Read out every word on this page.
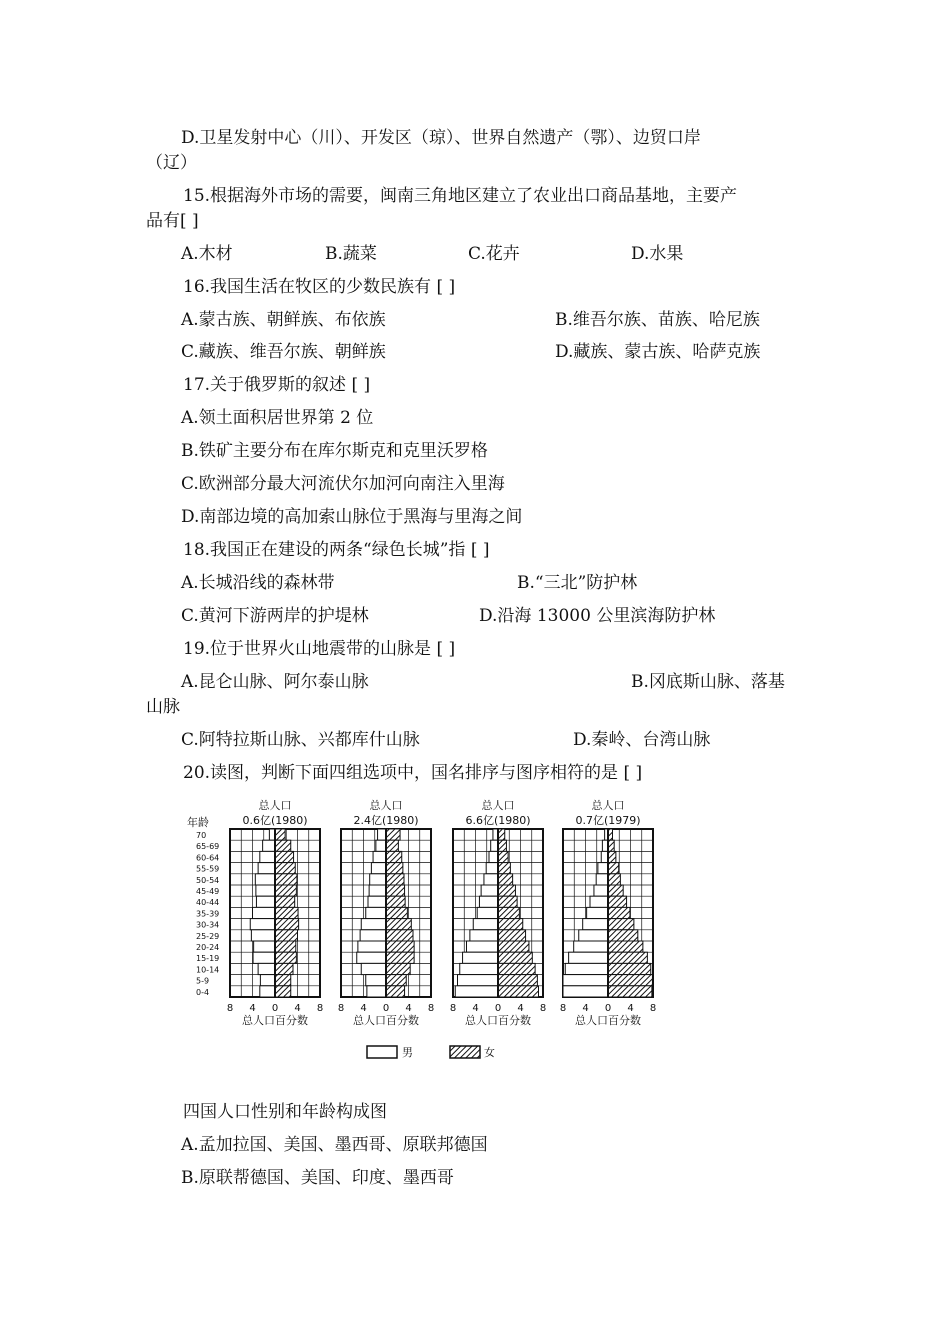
D.卫星发射中心（川）、开发区（琼）、世界自然遗产（鄂）、边贸口岸
（辽）
15.根据海外市场的需要，闽南三角地区建立了农业出口商品基地，主要产
品有[ ]
A.木材	B.蔬菜	C.花卉	D.水果
16.我国生活在牧区的少数民族有 [ ]
A.蒙古族、朝鲜族、布依族	B.维吾尔族、苗族、哈尼族
C.藏族、维吾尔族、朝鲜族	D.藏族、蒙古族、哈萨克族
17.关于俄罗斯的叙述 [ ]
A.领土面积居世界第 2 位
B.铁矿主要分布在库尔斯克和克里沃罗格
C.欧洲部分最大河流伏尔加河向南注入里海
D.南部边境的高加索山脉位于黑海与里海之间
18.我国正在建设的两条“绿色长城”指 [ ]
A.长城沿线的森林带	B.“三北”防护林
C.黄河下游两岸的护堤林	D.沿海 13000 公里滨海防护林
19.位于世界火山地震带的山脉是 [ ]
A.昆仑山脉、阿尔泰山脉	B.冈底斯山脉、落基
山脉
C.阿特拉斯山脉、兴都库什山脉	D.秦岭、台湾山脉
20.读图，判断下面四组选项中，国名排序与图序相符的是 [ ]
年龄
70
65-69
60-64
55-59
50-54
45-49
40-44
35-39
30-34
25-29
20-24
15-19
10-14
5-9
0-4
总人口
0.6亿(1980)
8 4 0 4 8
总人口百分数
总人口
2.4亿(1980)
8 4 0 4 8
总人口百分数
总人口
6.6亿(1980)
8 4 0 4 8
总人口百分数
总人口
0.7亿(1979)
8 4 0 4 8
总人口百分数
男	女
四国人口性别和年龄构成图
A.孟加拉国、美国、墨西哥、原联邦德国
B.原联帮德国、美国、印度、墨西哥
